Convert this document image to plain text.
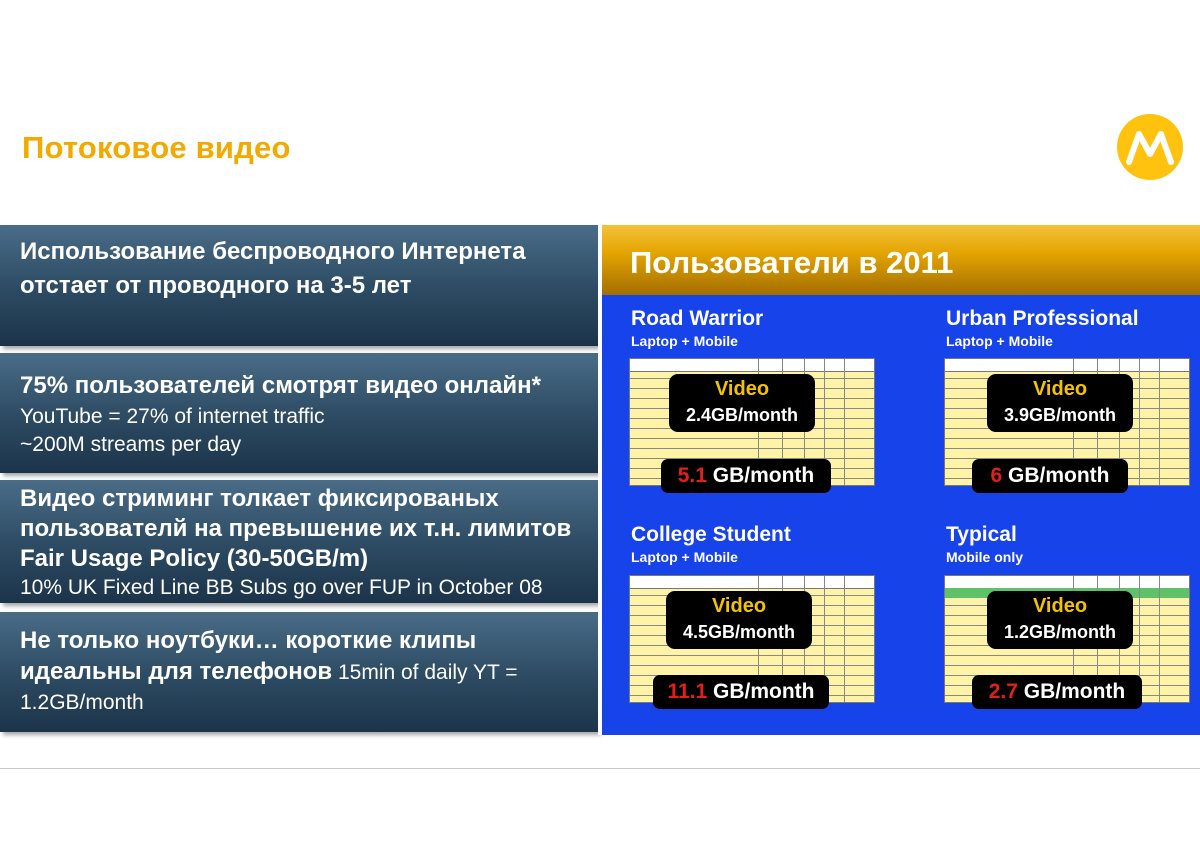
Потоковое видео
Использование беспроводного Интернета отстает от проводного на 3-5 лет
75% пользователей смотрят видео онлайн*
YouTube = 27% of internet traffic
~200M streams per day
Видео стриминг толкает фиксированых пользователй на превышение их т.н. лимитов Fair Usage Policy (30-50GB/m)
10% UK Fixed Line BB Subs go over FUP in October 08
Не только ноутбуки… короткие клипы идеальны для телефонов 15min of daily YT = 1.2GB/month
Пользователи в 2011
Road Warrior
Laptop + Mobile
Video
2.4GB/month
5.1 GB/month
Urban Professional
Laptop + Mobile
Video
3.9GB/month
6 GB/month
College Student
Laptop + Mobile
Video
4.5GB/month
11.1 GB/month
Typical
Mobile only
Video
1.2GB/month
2.7 GB/month
